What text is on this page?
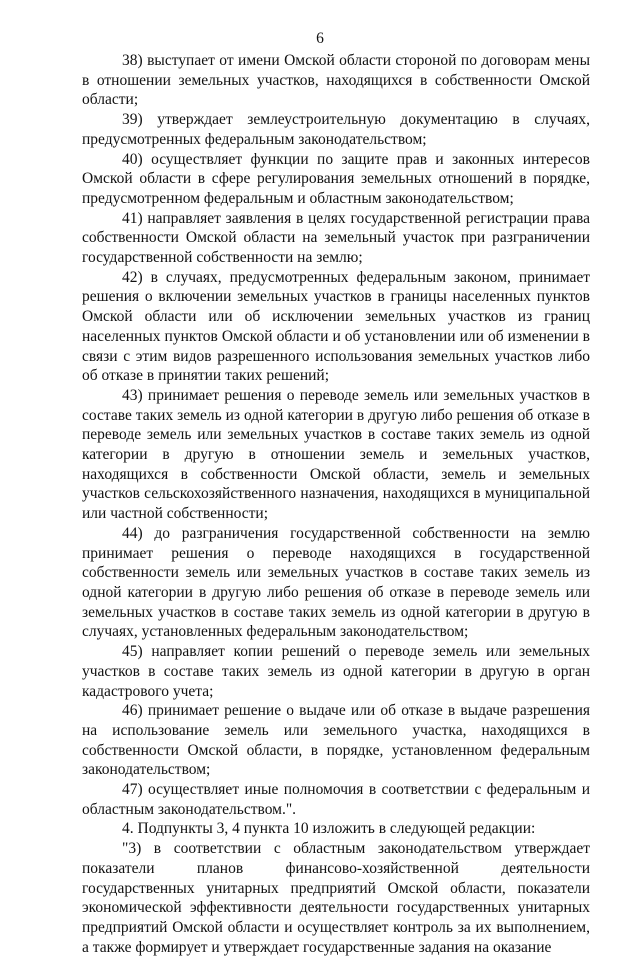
6

38) выступает от имени Омской области стороной по договорам мены в отношении земельных участков, находящихся в собственности Омской области;

39) утверждает землеустроительную документацию в случаях, предусмотренных федеральным законодательством;

40) осуществляет функции по защите прав и законных интересов Омской области в сфере регулирования земельных отношений в порядке, предусмотренном федеральным и областным законодательством;

41) направляет заявления в целях государственной регистрации права собственности Омской области на земельный участок при разграничении государственной собственности на землю;

42) в случаях, предусмотренных федеральным законом, принимает решения о включении земельных участков в границы населенных пунктов Омской области или об исключении земельных участков из границ населенных пунктов Омской области и об установлении или об изменении в связи с этим видов разрешенного использования земельных участков либо об отказе в принятии таких решений;

43) принимает решения о переводе земель или земельных участков в составе таких земель из одной категории в другую либо решения об отказе в переводе земель или земельных участков в составе таких земель из одной категории в другую в отношении земель и земельных участков, находящихся в собственности Омской области, земель и земельных участков сельскохозяйственного назначения, находящихся в муниципальной или частной собственности;

44) до разграничения государственной собственности на землю принимает решения о переводе находящихся в государственной собственности земель или земельных участков в составе таких земель из одной категории в другую либо решения об отказе в переводе земель или земельных участков в составе таких земель из одной категории в другую в случаях, установленных федеральным законодательством;

45) направляет копии решений о переводе земель или земельных участков в составе таких земель из одной категории в другую в орган кадастрового учета;

46) принимает решение о выдаче или об отказе в выдаче разрешения на использование земель или земельного участка, находящихся в собственности Омской области, в порядке, установленном федеральным законодательством;

47) осуществляет иные полномочия в соответствии с федеральным и областным законодательством.".

4. Подпункты 3, 4 пункта 10 изложить в следующей редакции:

"3) в соответствии с областным законодательством утверждает показатели планов финансово-хозяйственной деятельности государственных унитарных предприятий Омской области, показатели экономической эффективности деятельности государственных унитарных предприятий Омской области и осуществляет контроль за их выполнением, а также формирует и утверждает государственные задания на оказание
